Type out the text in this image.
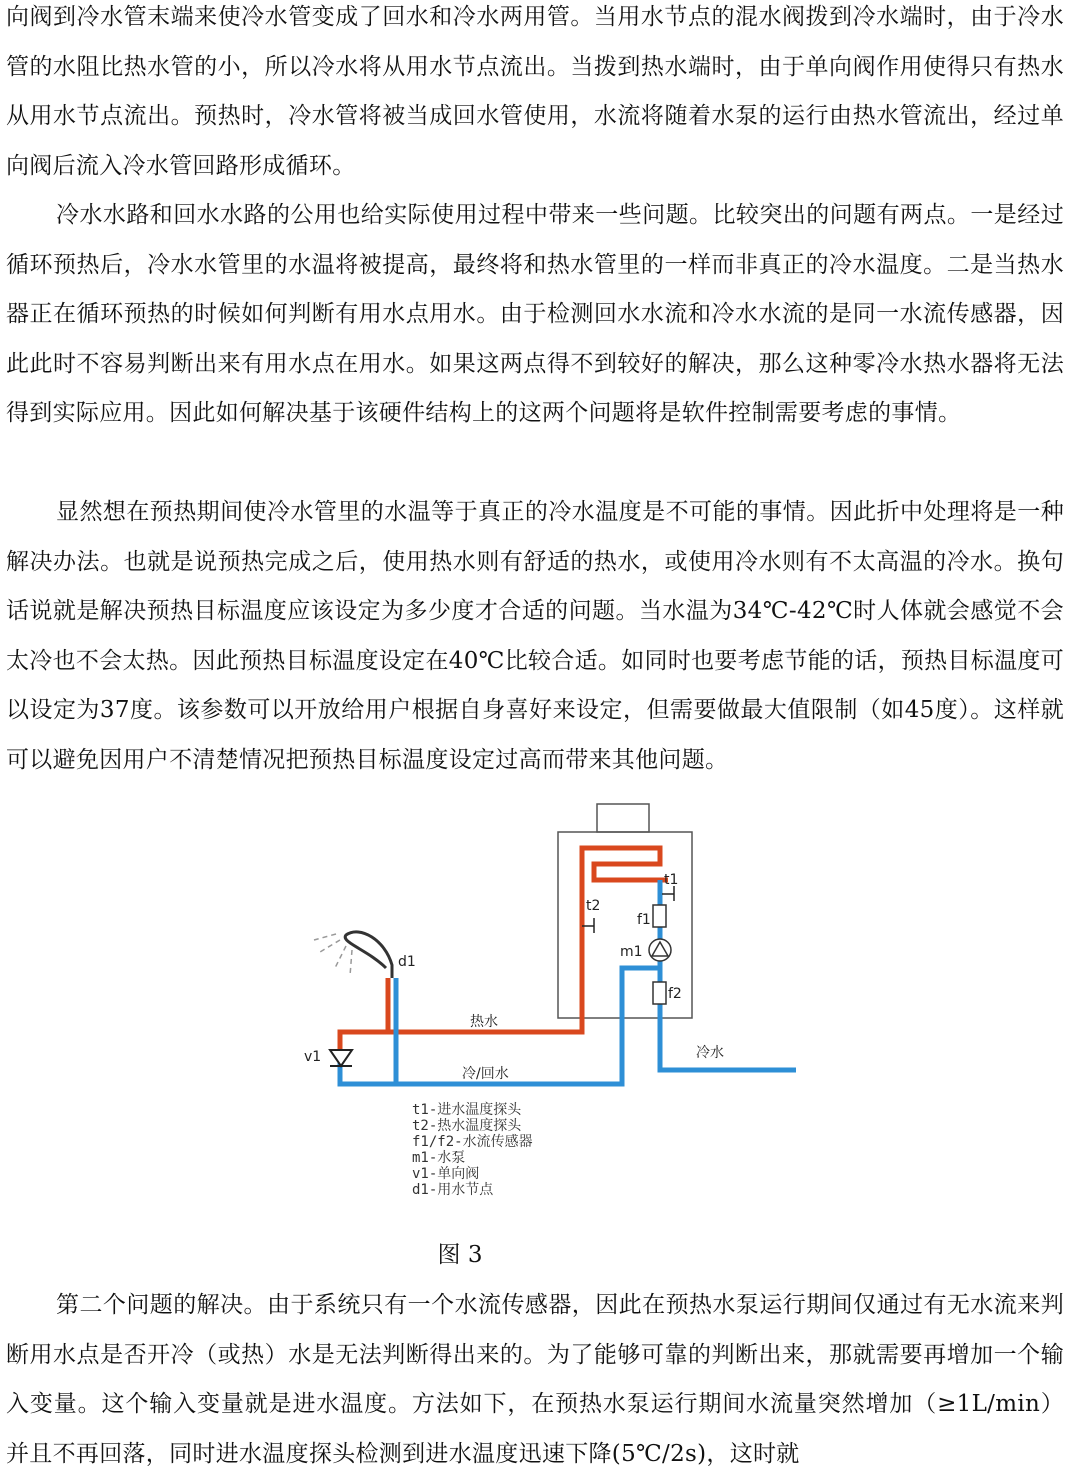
向阀到冷水管末端来使冷水管变成了回水和冷水两用管。当用水节点的混水阀拨到冷水端时，由于冷水管的水阻比热水管的小，所以冷水将从用水节点流出。当拨到热水端时，由于单向阀作用使得只有热水从用水节点流出。预热时，冷水管将被当成回水管使用，水流将随着水泵的运行由热水管流出，经过单向阀后流入冷水管回路形成循环。

冷水水路和回水水路的公用也给实际使用过程中带来一些问题。比较突出的问题有两点。一是经过循环预热后，冷水水管里的水温将被提高，最终将和热水管里的一样而非真正的冷水温度。二是当热水器正在循环预热的时候如何判断有用水点用水。由于检测回水水流和冷水水流的是同一水流传感器，因此此时不容易判断出来有用水点在用水。如果这两点得不到较好的解决，那么这种零冷水热水器将无法得到实际应用。因此如何解决基于该硬件结构上的这两个问题将是软件控制需要考虑的事情。

显然想在预热期间使冷水管里的水温等于真正的冷水温度是不可能的事情。因此折中处理将是一种解决办法。也就是说预热完成之后，使用热水则有舒适的热水，或使用冷水则有不太高温的冷水。换句话说就是解决预热目标温度应该设定为多少度才合适的问题。当水温为34℃-42℃时人体就会感觉不会太冷也不会太热。因此预热目标温度设定在40℃比较合适。如同时也要考虑节能的话，预热目标温度可以设定为37度。该参数可以开放给用户根据自身喜好来设定，但需要做最大值限制（如45度）。这样就可以避免因用户不清楚情况把预热目标温度设定过高而带来其他问题。

t1
t2
f1
m1
f2
d1
v1
热水
冷/回水
冷水
t1-进水温度探头
t2-热水温度探头
f1/f2-水流传感器
m1-水泵
v1-单向阀
d1-用水节点
图 3

第二个问题的解决。由于系统只有一个水流传感器，因此在预热水泵运行期间仅通过有无水流来判断用水点是否开冷（或热）水是无法判断得出来的。为了能够可靠的判断出来，那就需要再增加一个输入变量。这个输入变量就是进水温度。方法如下，在预热水泵运行期间水流量突然增加（≥1L/min）并且不再回落，同时进水温度探头检测到进水温度迅速下降(5℃/2s)，这时就
